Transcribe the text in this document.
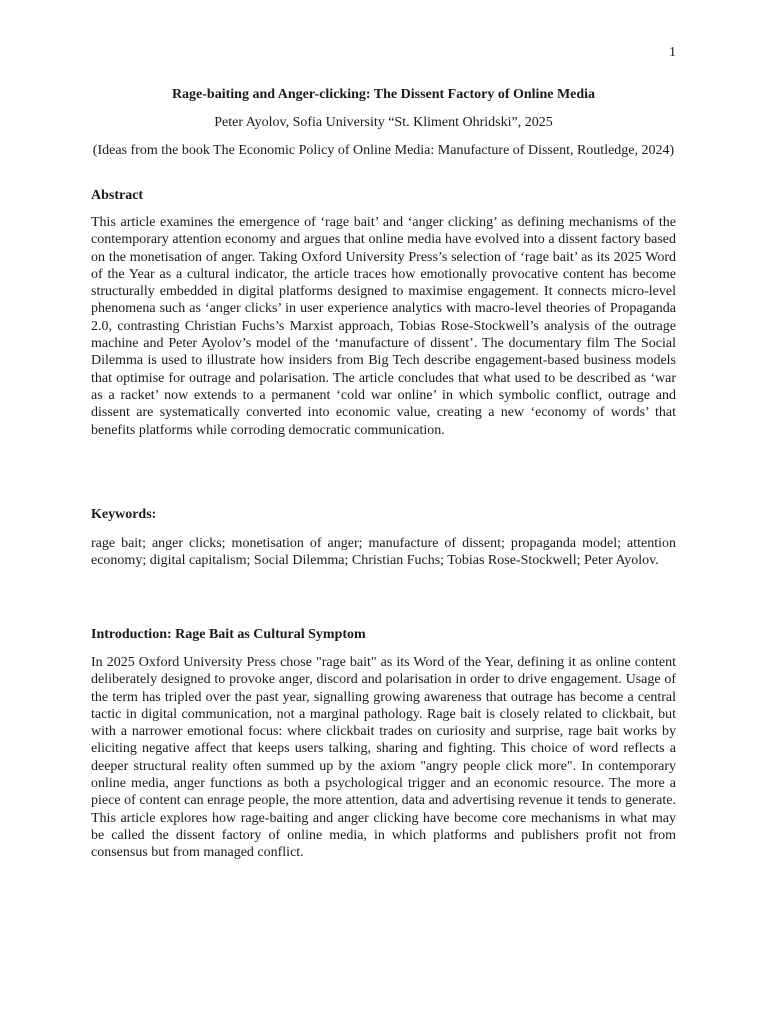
1
Rage-baiting and Anger-clicking: The Dissent Factory of Online Media
Peter Ayolov, Sofia University “St. Kliment Ohridski”, 2025
(Ideas from the book The Economic Policy of Online Media: Manufacture of Dissent, Routledge, 2024)
Abstract

This article examines the emergence of ‘rage bait’ and ‘anger clicking’ as defining mechanisms of the contemporary attention economy and argues that online media have evolved into a dissent factory based on the monetisation of anger. Taking Oxford University Press’s selection of ‘rage bait’ as its 2025 Word of the Year as a cultural indicator, the article traces how emotionally provocative content has become structurally embedded in digital platforms designed to maximise engagement. It connects micro-level phenomena such as ‘anger clicks’ in user experience analytics with macro-level theories of Propaganda 2.0, contrasting Christian Fuchs’s Marxist approach, Tobias Rose-Stockwell’s analysis of the outrage machine and Peter Ayolov’s model of the ‘manufacture of dissent’. The documentary film The Social Dilemma is used to illustrate how insiders from Big Tech describe engagement-based business models that optimise for outrage and polarisation. The article concludes that what used to be described as ‘war as a racket’ now extends to a permanent ‘cold war online’ in which symbolic conflict, outrage and dissent are systematically converted into economic value, creating a new ‘economy of words’ that benefits platforms while corroding democratic communication.

Keywords:

rage bait; anger clicks; monetisation of anger; manufacture of dissent; propaganda model; attention economy; digital capitalism; Social Dilemma; Christian Fuchs; Tobias Rose-Stockwell; Peter Ayolov.

Introduction: Rage Bait as Cultural Symptom

In 2025 Oxford University Press chose "rage bait" as its Word of the Year, defining it as online content deliberately designed to provoke anger, discord and polarisation in order to drive engagement. Usage of the term has tripled over the past year, signalling growing awareness that outrage has become a central tactic in digital communication, not a marginal pathology. Rage bait is closely related to clickbait, but with a narrower emotional focus: where clickbait trades on curiosity and surprise, rage bait works by eliciting negative affect that keeps users talking, sharing and fighting. This choice of word reflects a deeper structural reality often summed up by the axiom "angry people click more". In contemporary online media, anger functions as both a psychological trigger and an economic resource. The more a piece of content can enrage people, the more attention, data and advertising revenue it tends to generate. This article explores how rage-baiting and anger clicking have become core mechanisms in what may be called the dissent factory of online media, in which platforms and publishers profit not from consensus but from managed conflict.
